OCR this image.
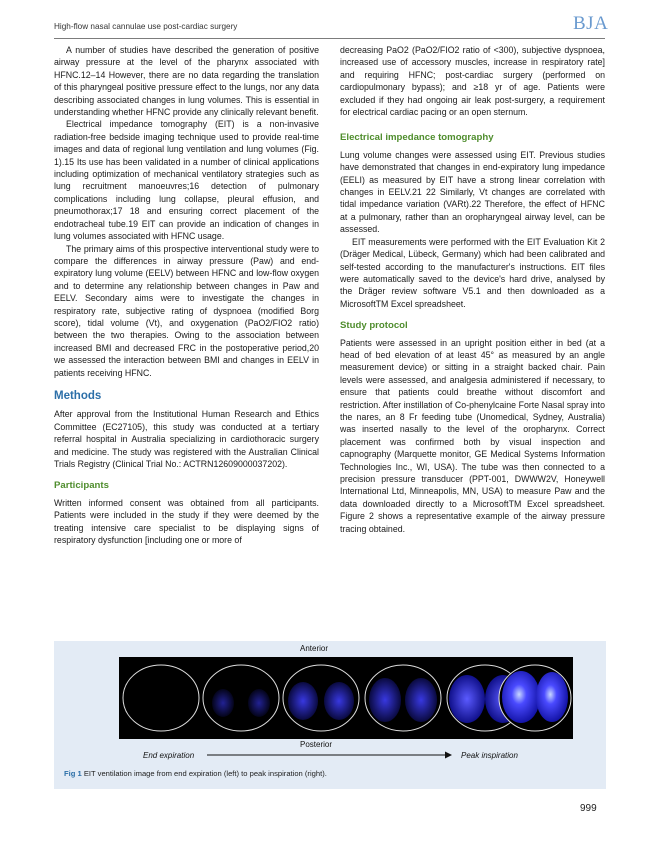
High-flow nasal cannulae use post-cardiac surgery	BJA

A number of studies have described the generation of positive airway pressure at the level of the pharynx associated with HFNC.12–14 However, there are no data regarding the translation of this pharyngeal positive pressure effect to the lungs, nor any data describing associated changes in lung volumes. This is essential in understanding whether HFNC provide any clinically relevant benefit.

Electrical impedance tomography (EIT) is a non-invasive radiation-free bedside imaging technique used to provide real-time images and data of regional lung ventilation and lung volumes (Fig. 1).15 Its use has been validated in a number of clinical applications including optimization of mechanical ventilatory strategies such as lung recruitment manoeuvres;16 detection of pulmonary complications including lung collapse, pleural effusion, and pneumothorax;17 18 and ensuring correct placement of the endotracheal tube.19 EIT can provide an indication of changes in lung volumes associated with HFNC usage.

The primary aims of this prospective interventional study were to compare the differences in airway pressure (Paw) and end-expiratory lung volume (EELV) between HFNC and low-flow oxygen and to determine any relationship between changes in Paw and EELV. Secondary aims were to investigate the changes in respiratory rate, subjective rating of dyspnoea (modified Borg score), tidal volume (Vt), and oxygenation (PaO2/FIO2 ratio) between the two therapies. Owing to the association between increased BMI and decreased FRC in the postoperative period,20 we assessed the interaction between BMI and changes in EELV in patients receiving HFNC.

Methods

After approval from the Institutional Human Research and Ethics Committee (EC27105), this study was conducted at a tertiary referral hospital in Australia specializing in cardiothoracic surgery and medicine. The study was registered with the Australian Clinical Trials Registry (Clinical Trial No.: ACTRN12609000037202).

Participants

Written informed consent was obtained from all participants. Patients were included in the study if they were deemed by the treating intensive care specialist to be displaying signs of respiratory dysfunction [including one or more of

decreasing PaO2 (PaO2/FIO2 ratio of <300), subjective dyspnoea, increased use of accessory muscles, increase in respiratory rate] and requiring HFNC; post-cardiac surgery (performed on cardiopulmonary bypass); and ≥18 yr of age. Patients were excluded if they had ongoing air leak post-surgery, a requirement for electrical cardiac pacing or an open sternum.

Electrical impedance tomography

Lung volume changes were assessed using EIT. Previous studies have demonstrated that changes in end-expiratory lung impedance (EELI) as measured by EIT have a strong linear correlation with changes in EELV.21 22 Similarly, Vt changes are correlated with tidal impedance variation (VARt).22 Therefore, the effect of HFNC at a pulmonary, rather than an oropharyngeal airway level, can be assessed.

EIT measurements were performed with the EIT Evaluation Kit 2 (Dräger Medical, Lübeck, Germany) which had been calibrated and self-tested according to the manufacturer's instructions. EIT files were automatically saved to the device's hard drive, analysed by the Dräger review software V5.1 and then downloaded as a MicrosoftTM Excel spreadsheet.

Study protocol

Patients were assessed in an upright position either in bed (at a head of bed elevation of at least 45° as measured by an angle measurement device) or sitting in a straight backed chair. Pain levels were assessed, and analgesia administered if necessary, to ensure that patients could breathe without discomfort and restriction. After instillation of Co-phenylcaine Forte Nasal spray into the nares, an 8 Fr feeding tube (Unomedical, Sydney, Australia) was inserted nasally to the level of the oropharynx. Correct placement was confirmed both by visual inspection and capnography (Marquette monitor, GE Medical Systems Information Technologies Inc., WI, USA). The tube was then connected to a precision pressure transducer (PPT-001, DWWW2V, Honeywell International Ltd, Minneapolis, MN, USA) to measure Paw and the data downloaded directly to a MicrosoftTM Excel spreadsheet. Figure 2 shows a representative example of the airway pressure tracing obtained.

Anterior
Posterior
End expiration	Peak inspiration
Fig 1 EIT ventilation image from end expiration (left) to peak inspiration (right).
999
